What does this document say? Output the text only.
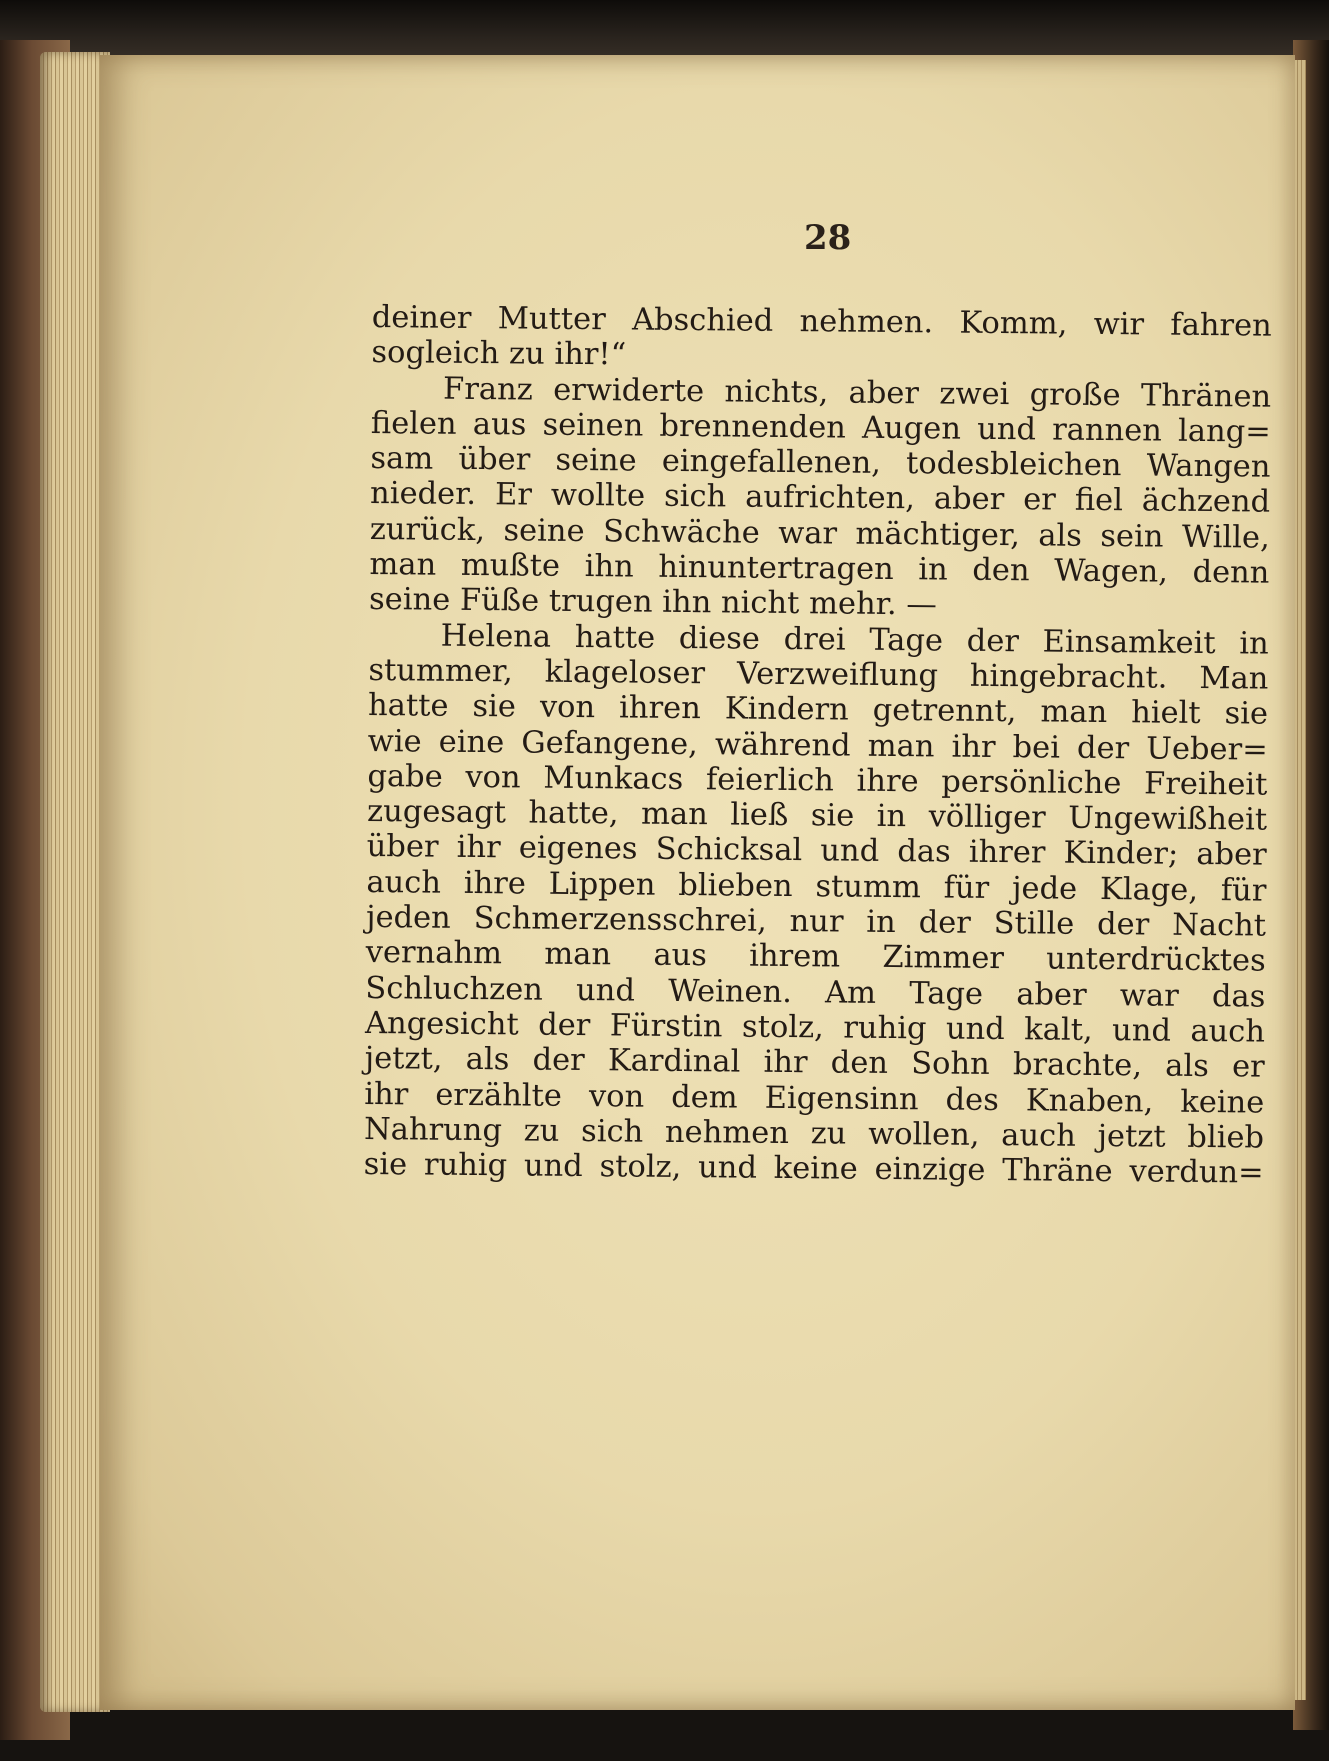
28
deiner Mutter Abschied nehmen. Komm, wir fahren
sogleich zu ihr!“
Franz erwiderte nichts, aber zwei große Thränen
fielen aus seinen brennenden Augen und rannen lang=
sam über seine eingefallenen, todesbleichen Wangen
nieder. Er wollte sich aufrichten, aber er fiel ächzend
zurück, seine Schwäche war mächtiger, als sein Wille,
man mußte ihn hinuntertragen in den Wagen, denn
seine Füße trugen ihn nicht mehr. —
Helena hatte diese drei Tage der Einsamkeit in
stummer, klageloser Verzweiflung hingebracht. Man
hatte sie von ihren Kindern getrennt, man hielt sie
wie eine Gefangene, während man ihr bei der Ueber=
gabe von Munkacs feierlich ihre persönliche Freiheit
zugesagt hatte, man ließ sie in völliger Ungewißheit
über ihr eigenes Schicksal und das ihrer Kinder; aber
auch ihre Lippen blieben stumm für jede Klage, für
jeden Schmerzensschrei, nur in der Stille der Nacht
vernahm man aus ihrem Zimmer unterdrücktes
Schluchzen und Weinen. Am Tage aber war das
Angesicht der Fürstin stolz, ruhig und kalt, und auch
jetzt, als der Kardinal ihr den Sohn brachte, als er
ihr erzählte von dem Eigensinn des Knaben, keine
Nahrung zu sich nehmen zu wollen, auch jetzt blieb
sie ruhig und stolz, und keine einzige Thräne verdun=
